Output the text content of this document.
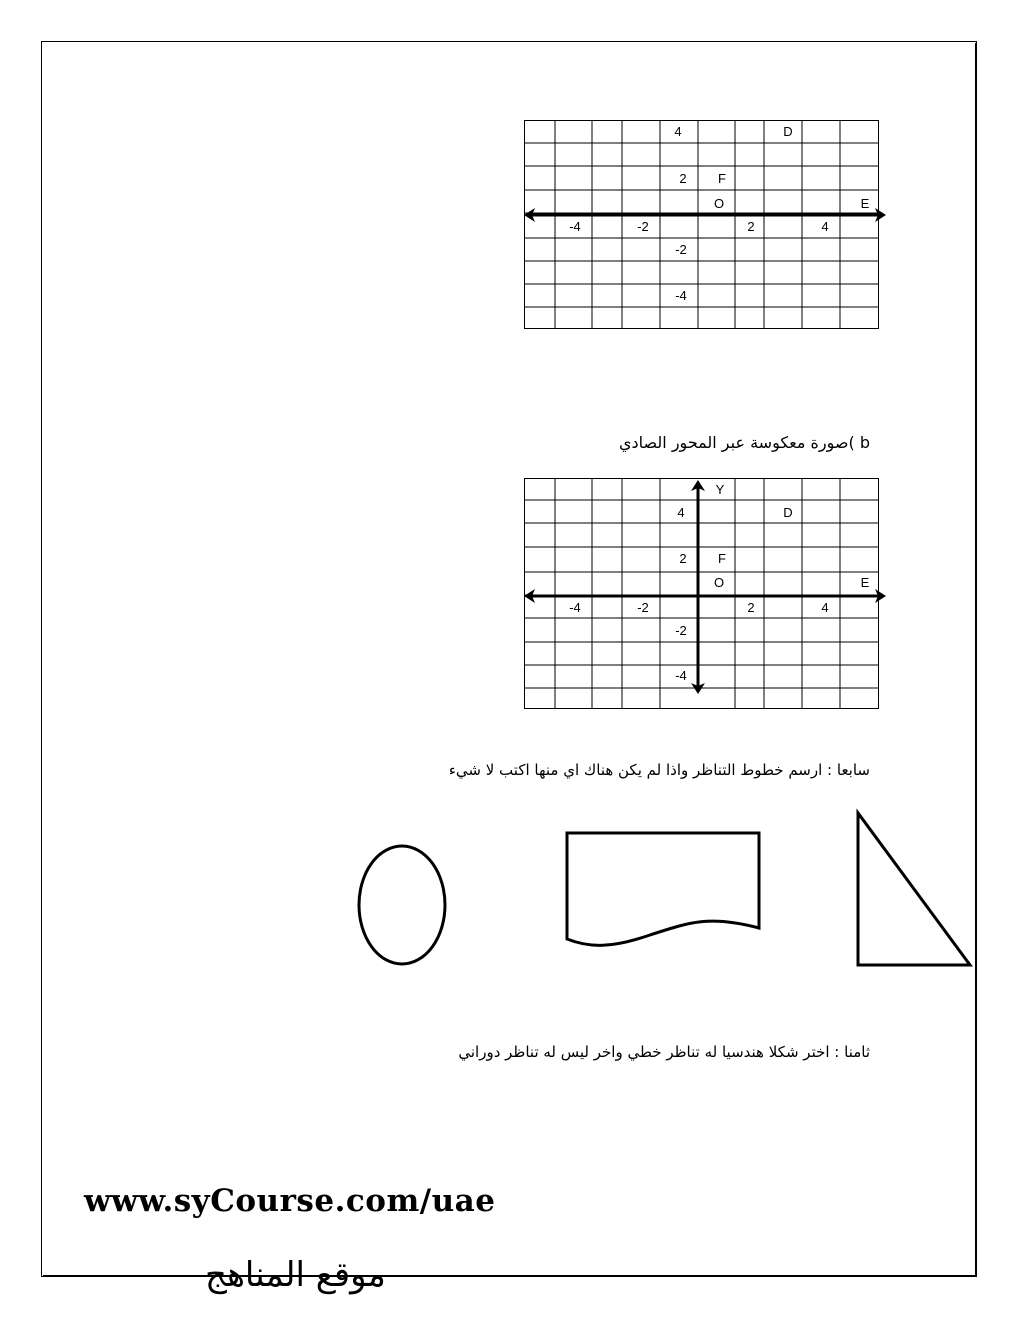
4	D
2 F
O	E
-4	-2	2	4
-2
-4
b )صورة معكوسة عبر المحور الصادي
Y
4	D
2 F
O	E
-4	-2	2	4
-2
-4
سابعا : ارسم خطوط التناظر واذا لم يكن هناك اي منها اكتب لا شيء
ثامنا : اختر شكلا هندسيا له تناظر خطي واخر ليس له تناظر دوراني
www.syCourse.com/uae
موقع المناهج
